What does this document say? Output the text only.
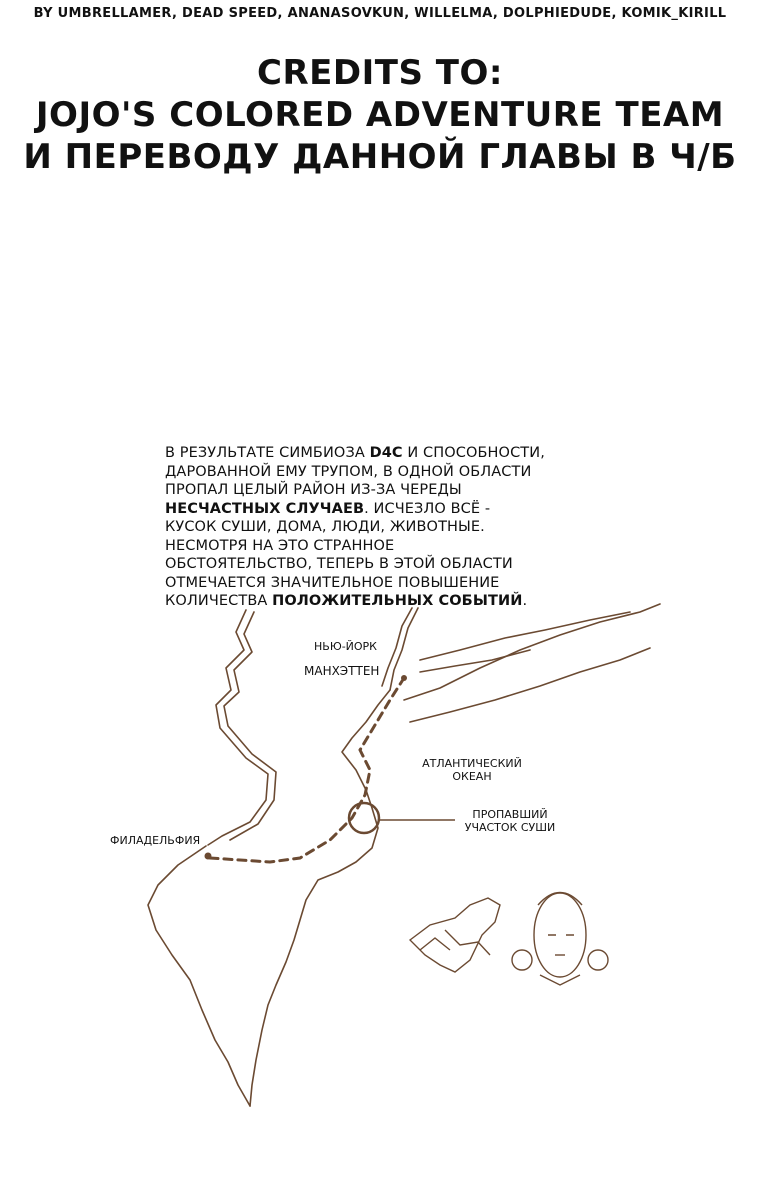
BY UMBRELLAMER, DEAD SPEED, ANANASOVKUN, WILLELMA, DOLPHIEDUDE, KOMIK_KIRILL
CREDITS TO:
JOJO'S COLORED ADVENTURE TEAM
И ПЕРЕВОДУ ДАННОЙ ГЛАВЫ В Ч/Б
В РЕЗУЛЬТАТЕ СИМБИОЗА D4C И СПОСОБНОСТИ, ДАРОВАННОЙ ЕМУ ТРУПОМ, В ОДНОЙ ОБЛАСТИ ПРОПАЛ ЦЕЛЫЙ РАЙОН ИЗ-ЗА ЧЕРЕДЫ НЕСЧАСТНЫХ СЛУЧАЕВ. ИСЧЕЗЛО ВСЁ - КУСОК СУШИ, ДОМА, ЛЮДИ, ЖИВОТНЫЕ. НЕСМОТРЯ НА ЭТО СТРАННОЕ ОБСТОЯТЕЛЬСТВО, ТЕПЕРЬ В ЭТОЙ ОБЛАСТИ ОТМЕЧАЕТСЯ ЗНАЧИТЕЛЬНОЕ ПОВЫШЕНИЕ КОЛИЧЕСТВА ПОЛОЖИТЕЛЬНЫХ СОБЫТИЙ.
НЬЮ-ЙОРК
МАНХЭТТЕН
АТЛАНТИЧЕСКИЙ
ОКЕАН
ПРОПАВШИЙ
УЧАСТОК СУШИ
ФИЛАДЕЛЬФИЯ
